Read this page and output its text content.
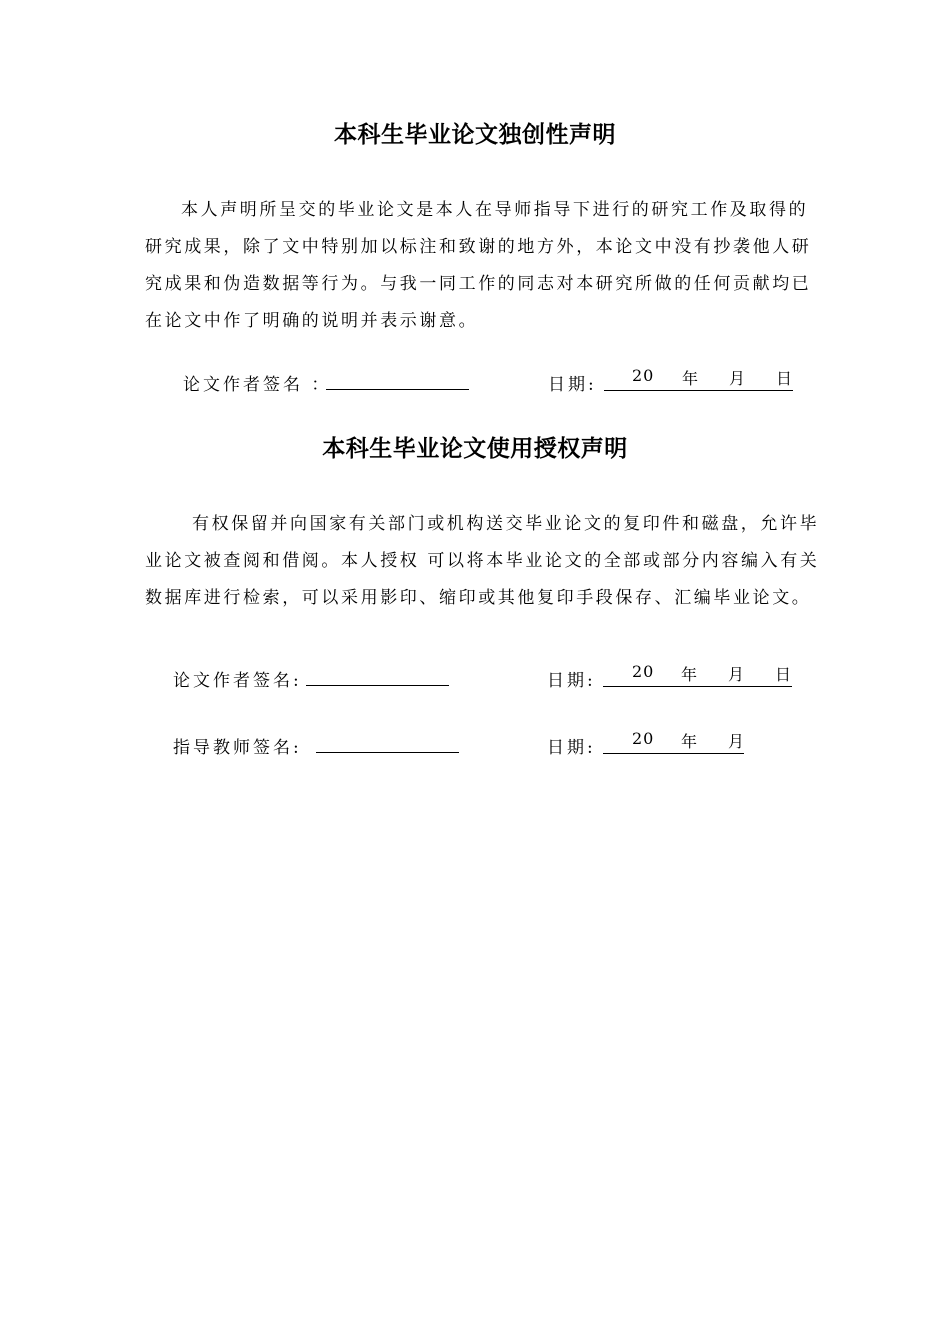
本科生毕业论文独创性声明
本人声明所呈交的毕业论文是本人在导师指导下进行的研究工作及取得的
研究成果，除了文中特别加以标注和致谢的地方外，本论文中没有抄袭他人研
究成果和伪造数据等行为。与我一同工作的同志对本研究所做的任何贡献均已
在论文中作了明确的说明并表示谢意。
论文作者签名 ：	日期: 20 年 月 日
本科生毕业论文使用授权声明
有权保留并向国家有关部门或机构送交毕业论文的复印件和磁盘，允许毕
业论文被查阅和借阅。本人授权 可以将本毕业论文的全部或部分内容编入有关
数据库进行检索，可以采用影印、缩印或其他复印手段保存、汇编毕业论文。
论文作者签名:	日期: 20 年 月 日
指导教师签名:	日期: 20 年 月
